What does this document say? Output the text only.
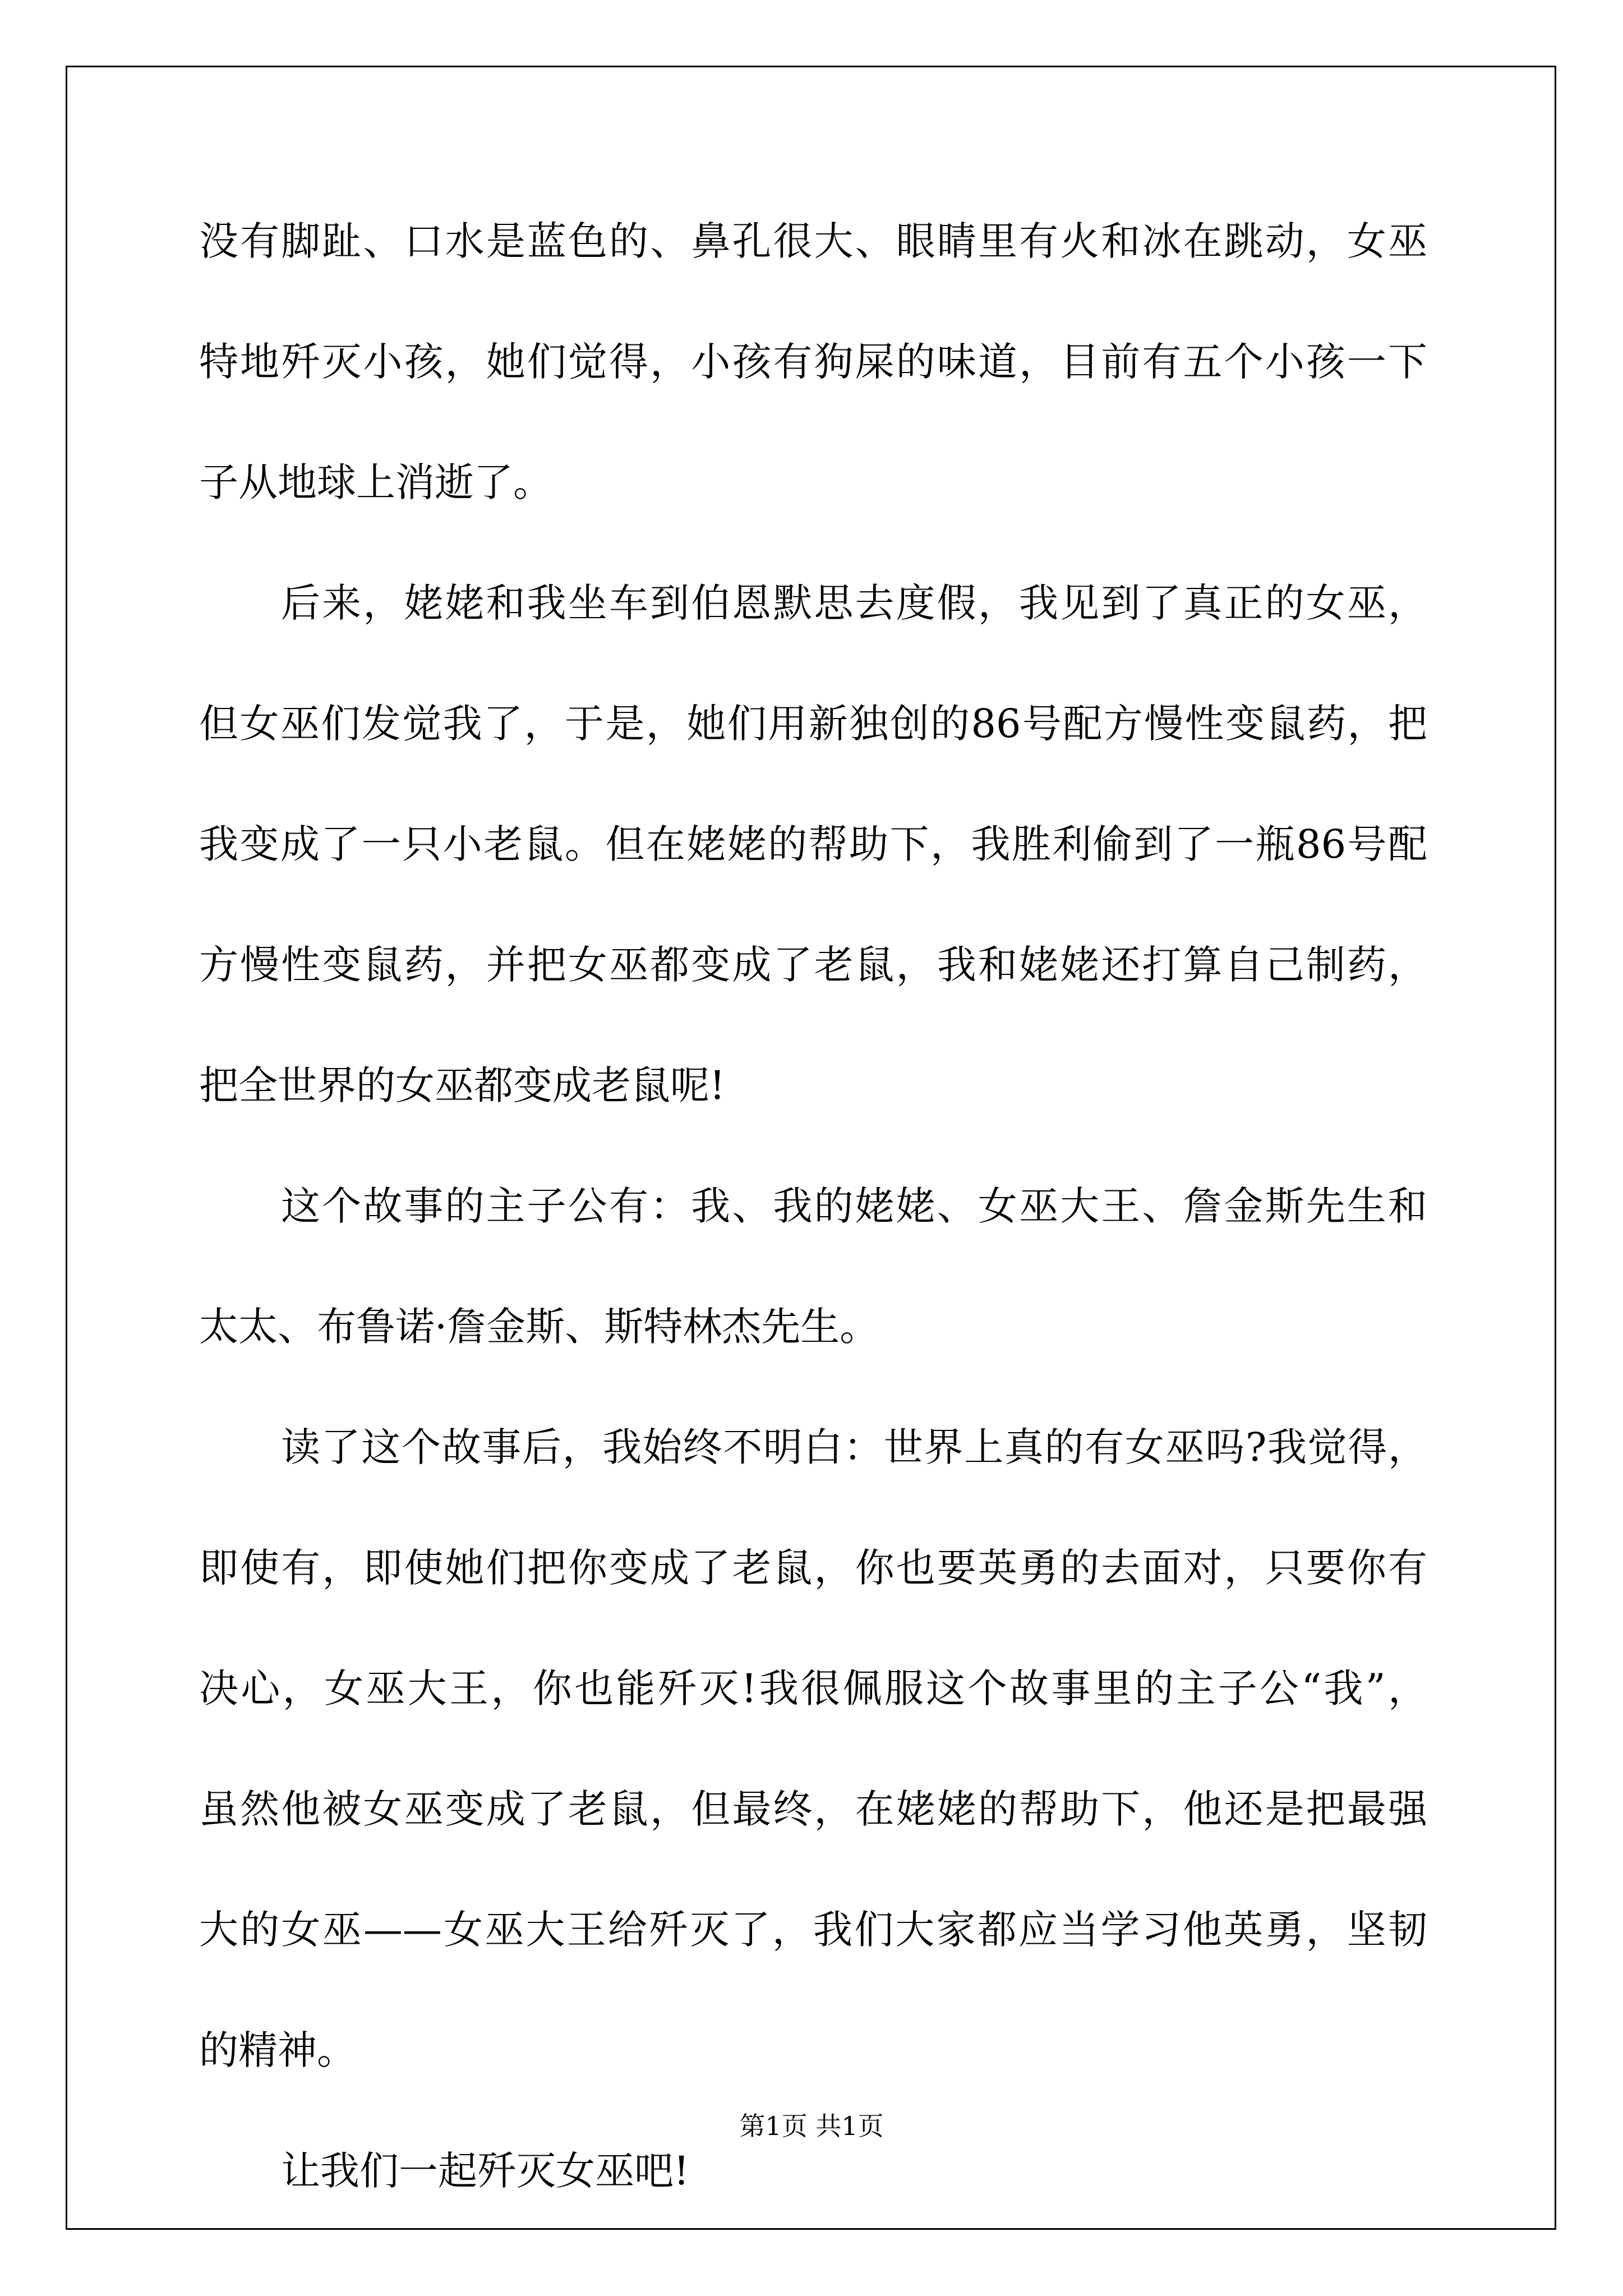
没有脚趾、口水是蓝色的、鼻孔很大、眼睛里有火和冰在跳动，女巫
特地歼灭小孩，她们觉得，小孩有狗屎的味道，目前有五个小孩一下
子从地球上消逝了。
后来，姥姥和我坐车到伯恩默思去度假，我见到了真正的女巫，
但女巫们发觉我了，于是，她们用新独创的86号配方慢性变鼠药，把
我变成了一只小老鼠。但在姥姥的帮助下，我胜利偷到了一瓶86号配
方慢性变鼠药，并把女巫都变成了老鼠，我和姥姥还打算自己制药，
把全世界的女巫都变成老鼠呢!
这个故事的主子公有：我、我的姥姥、女巫大王、詹金斯先生和
太太、布鲁诺·詹金斯、斯特林杰先生。
读了这个故事后，我始终不明白：世界上真的有女巫吗?我觉得，
即使有，即使她们把你变成了老鼠，你也要英勇的去面对，只要你有
决心，女巫大王，你也能歼灭!我很佩服这个故事里的主子公“我”，
虽然他被女巫变成了老鼠，但最终，在姥姥的帮助下，他还是把最强
大的女巫——女巫大王给歼灭了，我们大家都应当学习他英勇，坚韧
的精神。
让我们一起歼灭女巫吧!
第1页 共1页
